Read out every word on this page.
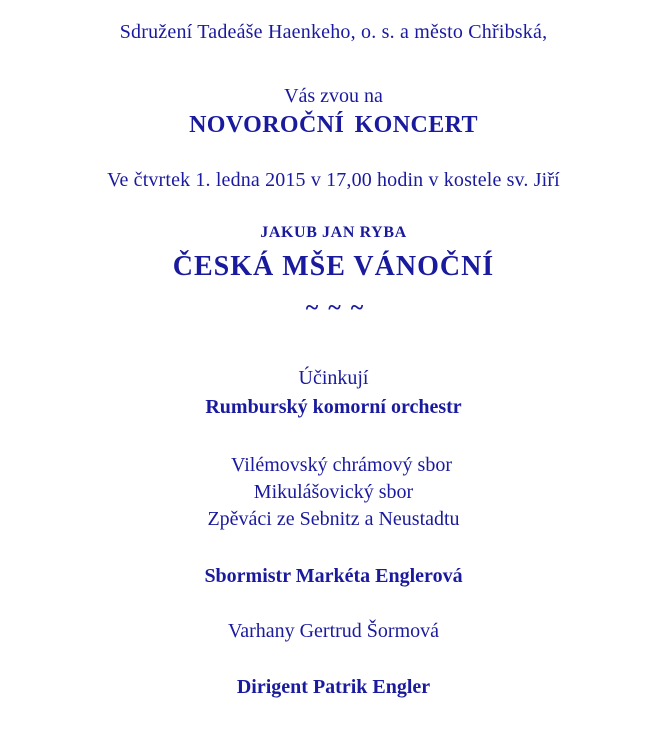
Sdružení Tadeáše Haenkeho, o. s. a město Chřibská,
Vás zvou na
NOVOROČNÍ KONCERT
Ve čtvrtek 1. ledna 2015 v 17,00 hodin v kostele sv. Jiří
JAKUB JAN RYBA
ČESKÁ MŠE VÁNOČNÍ
~ ~ ~
Účinkují
Rumburský komorní orchestr
Vilémovský chrámový sbor
Mikulášovický sbor
Zpěváci ze Sebnitz a Neustadtu
Sbormistr Markéta Englerová
Varhany Gertrud Šormová
Dirigent Patrik Engler
